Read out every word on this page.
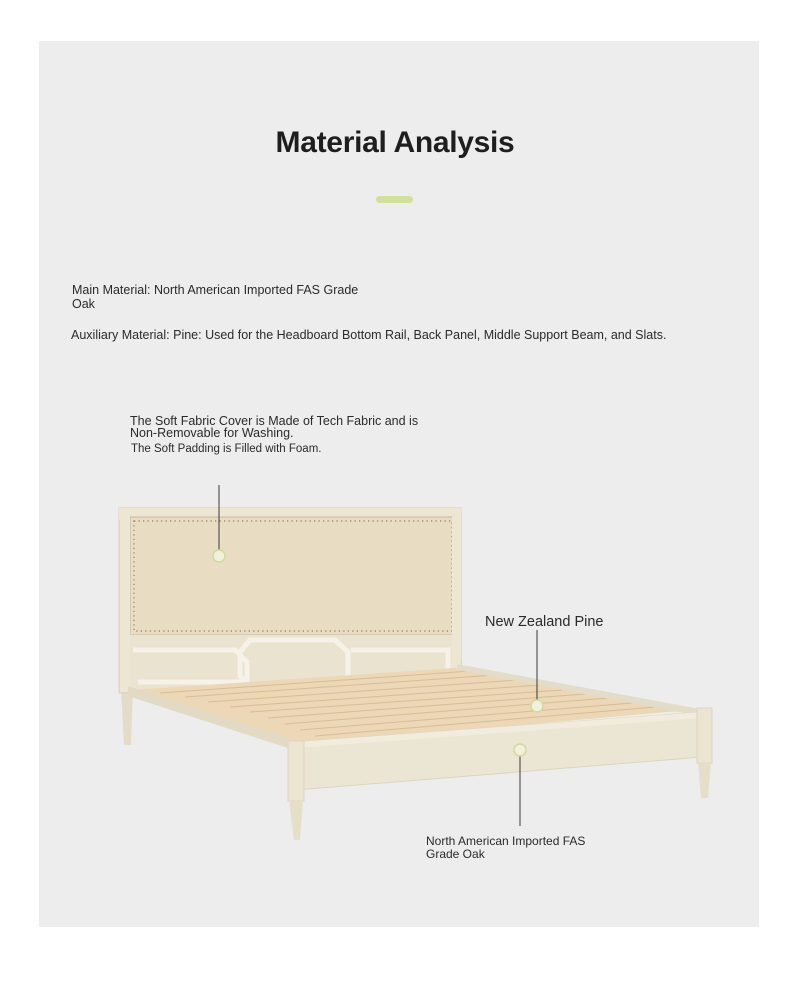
Material Analysis
Main Material: North American Imported FAS Grade Oak
Auxiliary Material: Pine: Used for the Headboard Bottom Rail, Back Panel, Middle Support Beam, and Slats.
The Soft Fabric Cover is Made of Tech Fabric and is Non-Removable for Washing.
The Soft Padding is Filled with Foam.
New Zealand Pine
North American Imported FAS Grade Oak
